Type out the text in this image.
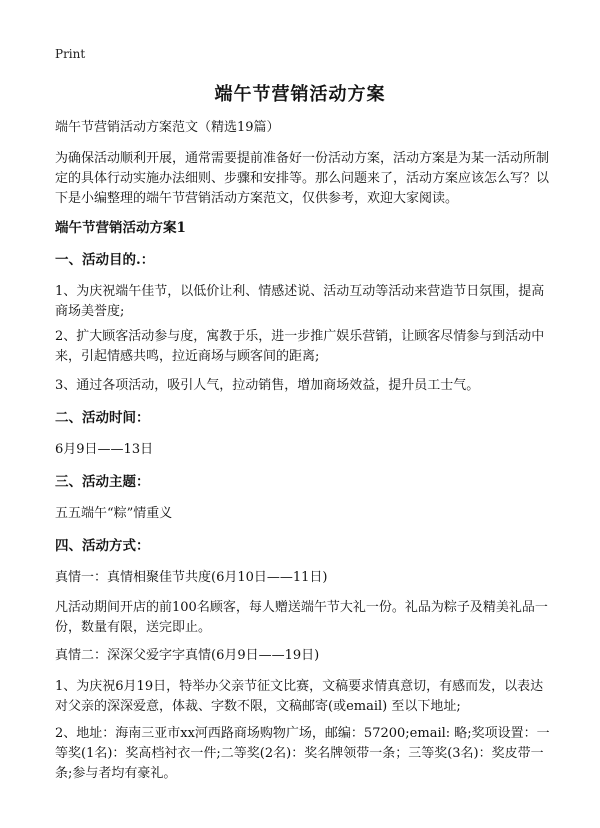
Print
端午节营销活动方案
端午节营销活动方案范文（精选19篇）
为确保活动顺利开展，通常需要提前准备好一份活动方案，活动方案是为某一活动所制定的具体行动实施办法细则、步骤和安排等。那么问题来了，活动方案应该怎么写？以下是小编整理的端午节营销活动方案范文，仅供参考，欢迎大家阅读。
端午节营销活动方案1
一、活动目的.：
1、为庆祝端午佳节，以低价让利、情感述说、活动互动等活动来营造节日氛围，提高商场美誉度;
2、扩大顾客活动参与度，寓教于乐，进一步推广娱乐营销，让顾客尽情参与到活动中来，引起情感共鸣，拉近商场与顾客间的距离;
3、通过各项活动，吸引人气，拉动销售，增加商场效益，提升员工士气。
二、活动时间：
6月9日——13日
三、活动主题：
五五端午“粽”情重义
四、活动方式：
真情一：真情相聚佳节共度(6月10日——11日)
凡活动期间开店的前100名顾客，每人赠送端午节大礼一份。礼品为粽子及精美礼品一份，数量有限，送完即止。
真情二：深深父爱字字真情(6月9日——19日)
1、为庆祝6月19日，特举办父亲节征文比赛，文稿要求情真意切，有感而发，以表达对父亲的深深爱意，体裁、字数不限，文稿邮寄(或email) 至以下地址;
2、地址：海南三亚市xx河西路商场购物广场，邮编：57200;email: 略;奖项设置：一等奖(1名)：奖高档衬衣一件;二等奖(2名)：奖名牌领带一条；三等奖(3名)：奖皮带一条;参与者均有豪礼。
